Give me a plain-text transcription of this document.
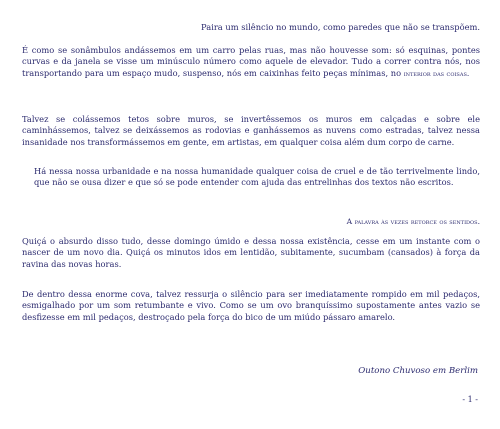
Paira um silêncio no mundo, como paredes que não se transpõem.
É como se sonâmbulos andássemos em um carro pelas ruas, mas não houvesse som: só esquinas, pontes curvas e da janela se visse um minúsculo número como aquele de elevador. Tudo a correr contra nós, nos transportando para um espaço mudo, suspenso, nós em caixinhas feito peças mínimas, no interior das coisas.
Talvez se colássemos tetos sobre muros, se invertêssemos os muros em calçadas e sobre ele caminhássemos, talvez se deixássemos as rodovias e ganhássemos as nuvens como estradas, talvez nessa insanidade nos transformássemos em gente, em artistas, em qualquer coisa além dum corpo de carne.
Há nessa nossa urbanidade e na nossa humanidade qualquer coisa de cruel e de tão terrivelmente lindo, que não se ousa dizer e que só se pode entender com ajuda das entrelinhas dos textos não escritos.
A palavra às vezes retorce os sentidos.
Quiçá o absurdo disso tudo, desse domingo úmido e dessa nossa existência, cesse em um instante com o nascer de um novo dia. Quiçá os minutos idos em lentidão, subitamente, sucumbam (cansados) à força da ravina das novas horas.
De dentro dessa enorme cova, talvez ressurja o silêncio para ser imediatamente rompido em mil pedaços, esmigalhado por um som retumbante e vivo. Como se um ovo branquíssimo supostamente antes vazio se desfizesse em mil pedaços, destroçado pela força do bico de um miúdo pássaro amarelo.
Outono Chuvoso em Berlim
- 1 -
